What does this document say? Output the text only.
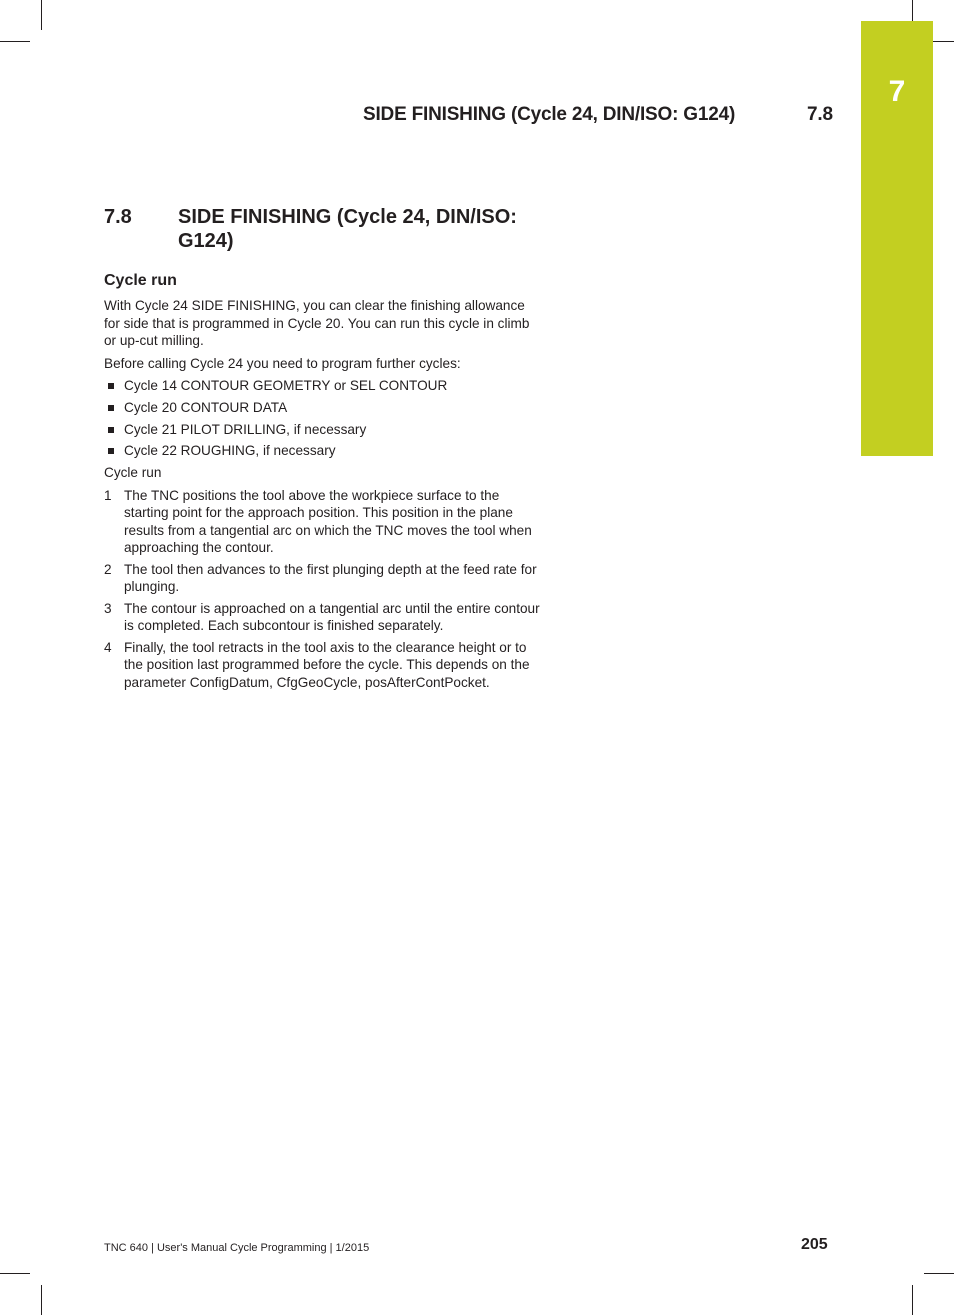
7
SIDE FINISHING (Cycle 24, DIN/ISO: G124)	7.8
7.8 SIDE FINISHING (Cycle 24, DIN/ISO: G124)
Cycle run

With Cycle 24 SIDE FINISHING, you can clear the finishing allowance for side that is programmed in Cycle 20. You can run this cycle in climb or up-cut milling.

Before calling Cycle 24 you need to program further cycles:

Cycle 14 CONTOUR GEOMETRY or SEL CONTOUR
Cycle 20 CONTOUR DATA
Cycle 21 PILOT DRILLING, if necessary
Cycle 22 ROUGHING, if necessary

Cycle run

1 The TNC positions the tool above the workpiece surface to the starting point for the approach position. This position in the plane results from a tangential arc on which the TNC moves the tool when approaching the contour.
2 The tool then advances to the first plunging depth at the feed rate for plunging.
3 The contour is approached on a tangential arc until the entire contour is completed. Each subcontour is finished separately.
4 Finally, the tool retracts in the tool axis to the clearance height or to the position last programmed before the cycle. This depends on the parameter ConfigDatum, CfgGeoCycle, posAfterContPocket.
TNC 640 | User's Manual Cycle Programming | 1/2015	205
